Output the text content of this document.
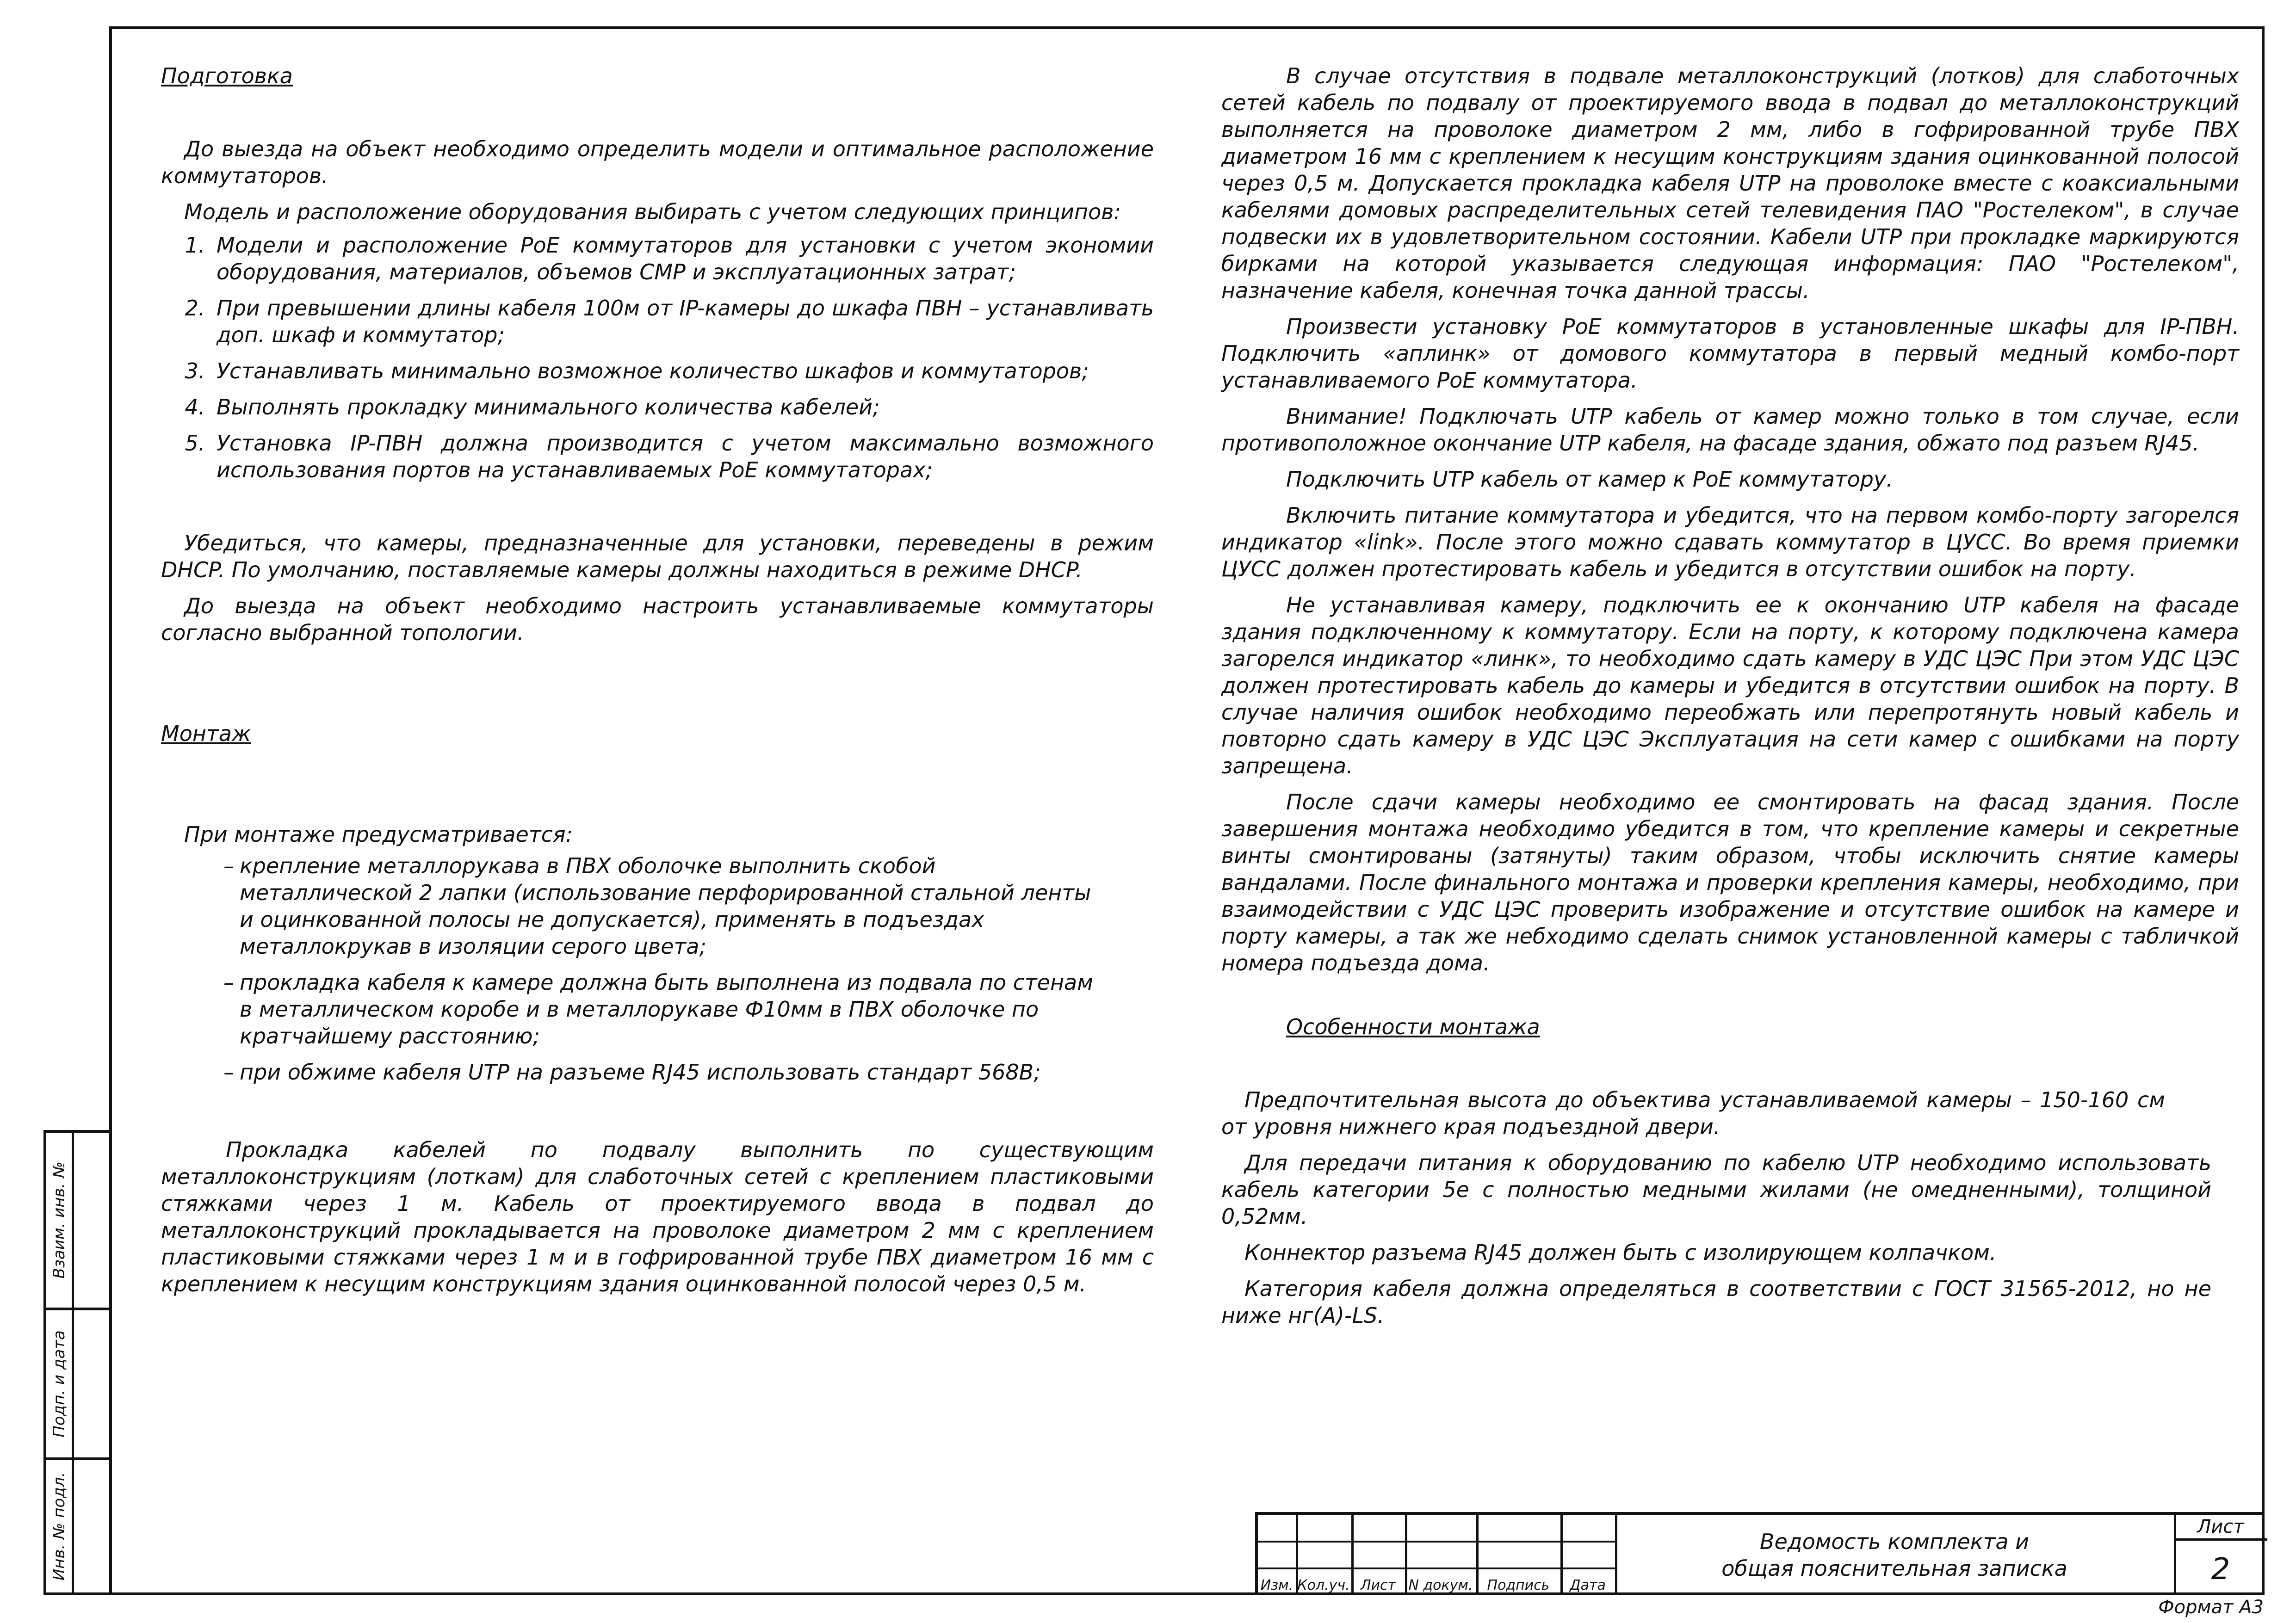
Подготовка

До выезда на объект необходимо определить модели и оптимальное расположение коммутаторов.

Модель и расположение оборудования выбирать с учетом следующих принципов:

1. Модели и расположение PoE коммутаторов для установки с учетом экономии оборудования, материалов, объемов СМР и эксплуатационных затрат;
2. При превышении длины кабеля 100м от IP-камеры до шкафа ПВН – устанавливать доп. шкаф и коммутатор;
3. Устанавливать минимально возможное количество шкафов и коммутаторов;
4. Выполнять прокладку минимального количества кабелей;
5. Установка IP-ПВН должна производится с учетом максимально возможного использования портов на устанавливаемых PoE коммутаторах;

Убедиться, что камеры, предназначенные для установки, переведены в режим DHCP. По умолчанию, поставляемые камеры должны находиться в режиме DHCP.

До выезда на объект необходимо настроить устанавливаемые коммутаторы согласно выбранной топологии.

Монтаж

При монтаже предусматривается:

– крепление металлорукава в ПВХ оболочке выполнить скобой металлической 2 лапки (использование перфорированной стальной ленты и оцинкованной полосы не допускается), применять в подъездах металлокрукав в изоляции серого цвета;
– прокладка кабеля к камере должна быть выполнена из подвала по стенам в металлическом коробе и в металлорукаве Ф10мм в ПВХ оболочке по кратчайшему расстоянию;
– при обжиме кабеля UTP на разъеме RJ45 использовать стандарт 568В;

Прокладка кабелей по подвалу выполнить по существующим металлоконструкциям (лоткам) для слаботочных сетей с креплением пластиковыми стяжками через 1 м. Кабель от проектируемого ввода в подвал до металлоконструкций прокладывается на проволоке диаметром 2 мм с креплением пластиковыми стяжками через 1 м и в гофрированной трубе ПВХ диаметром 16 мм с креплением к несущим конструкциям здания оцинкованной полосой через 0,5 м.

В случае отсутствия в подвале металлоконструкций (лотков) для слаботочных сетей кабель по подвалу от проектируемого ввода в подвал до металлоконструкций выполняется на проволоке диаметром 2 мм, либо в гофрированной трубе ПВХ диаметром 16 мм с креплением к несущим конструкциям здания оцинкованной полосой через 0,5 м. Допускается прокладка кабеля UTP на проволоке вместе с коаксиальными кабелями домовых распределительных сетей телевидения ПАО "Ростелеком", в случае подвески их в удовлетворительном состоянии. Кабели UTP при прокладке маркируются бирками на которой указывается следующая информация: ПАО "Ростелеком", назначение кабеля, конечная точка данной трассы.

Произвести установку PoE коммутаторов в установленные шкафы для IP-ПВН. Подключить «аплинк» от домового коммутатора в первый медный комбо-порт устанавливаемого PoE коммутатора.

Внимание! Подключать UTP кабель от камер можно только в том случае, если противоположное окончание UTP кабеля, на фасаде здания, обжато под разъем RJ45.

Подключить UTP кабель от камер к PoE коммутатору.

Включить питание коммутатора и убедится, что на первом комбо-порту загорелся индикатор «link». После этого можно сдавать коммутатор в ЦУСС. Во время приемки ЦУСС должен протестировать кабель и убедится в отсутствии ошибок на порту.

Не устанавливая камеру, подключить ее к окончанию UTP кабеля на фасаде здания подключенному к коммутатору. Если на порту, к которому подключена камера загорелся индикатор «линк», то необходимо сдать камеру в УДС ЦЭС При этом УДС ЦЭС должен протестировать кабель до камеры и убедится в отсутствии ошибок на порту. В случае наличия ошибок необходимо переобжать или перепротянуть новый кабель и повторно сдать камеру в УДС ЦЭС Эксплуатация на сети камер с ошибками на порту запрещена.

После сдачи камеры необходимо ее смонтировать на фасад здания. После завершения монтажа необходимо убедится в том, что крепление камеры и секретные винты смонтированы (затянуты) таким образом, чтобы исключить снятие камеры вандалами. После финального монтажа и проверки крепления камеры, необходимо, при взаимодействии с УДС ЦЭС проверить изображение и отсутствие ошибок на камере и порту камеры, а так же небходимо сделать снимок установленной камеры с табличкой номера подъезда дома.

Особенности монтажа

Предпочтительная высота до объектива устанавливаемой камеры – 150-160 см от уровня нижнего края подъездной двери.

Для передачи питания к оборудованию по кабелю UTP необходимо использовать кабель категории 5е с полностью медными жилами (не омедненными), толщиной 0,52мм.

Коннектор разъема RJ45 должен быть с изолирующем колпачком.

Категория кабеля должна определяться в соответствии с ГОСТ 31565-2012, но не ниже нг(А)-LS.

Взаим. инв. №
Подп. и дата
Инв. № подл.
Изм. Кол.уч. Лист N докум.	Подпись	Дата
Ведомость комплекта и
общая пояснительная записка
Лист
2
Формат А3
